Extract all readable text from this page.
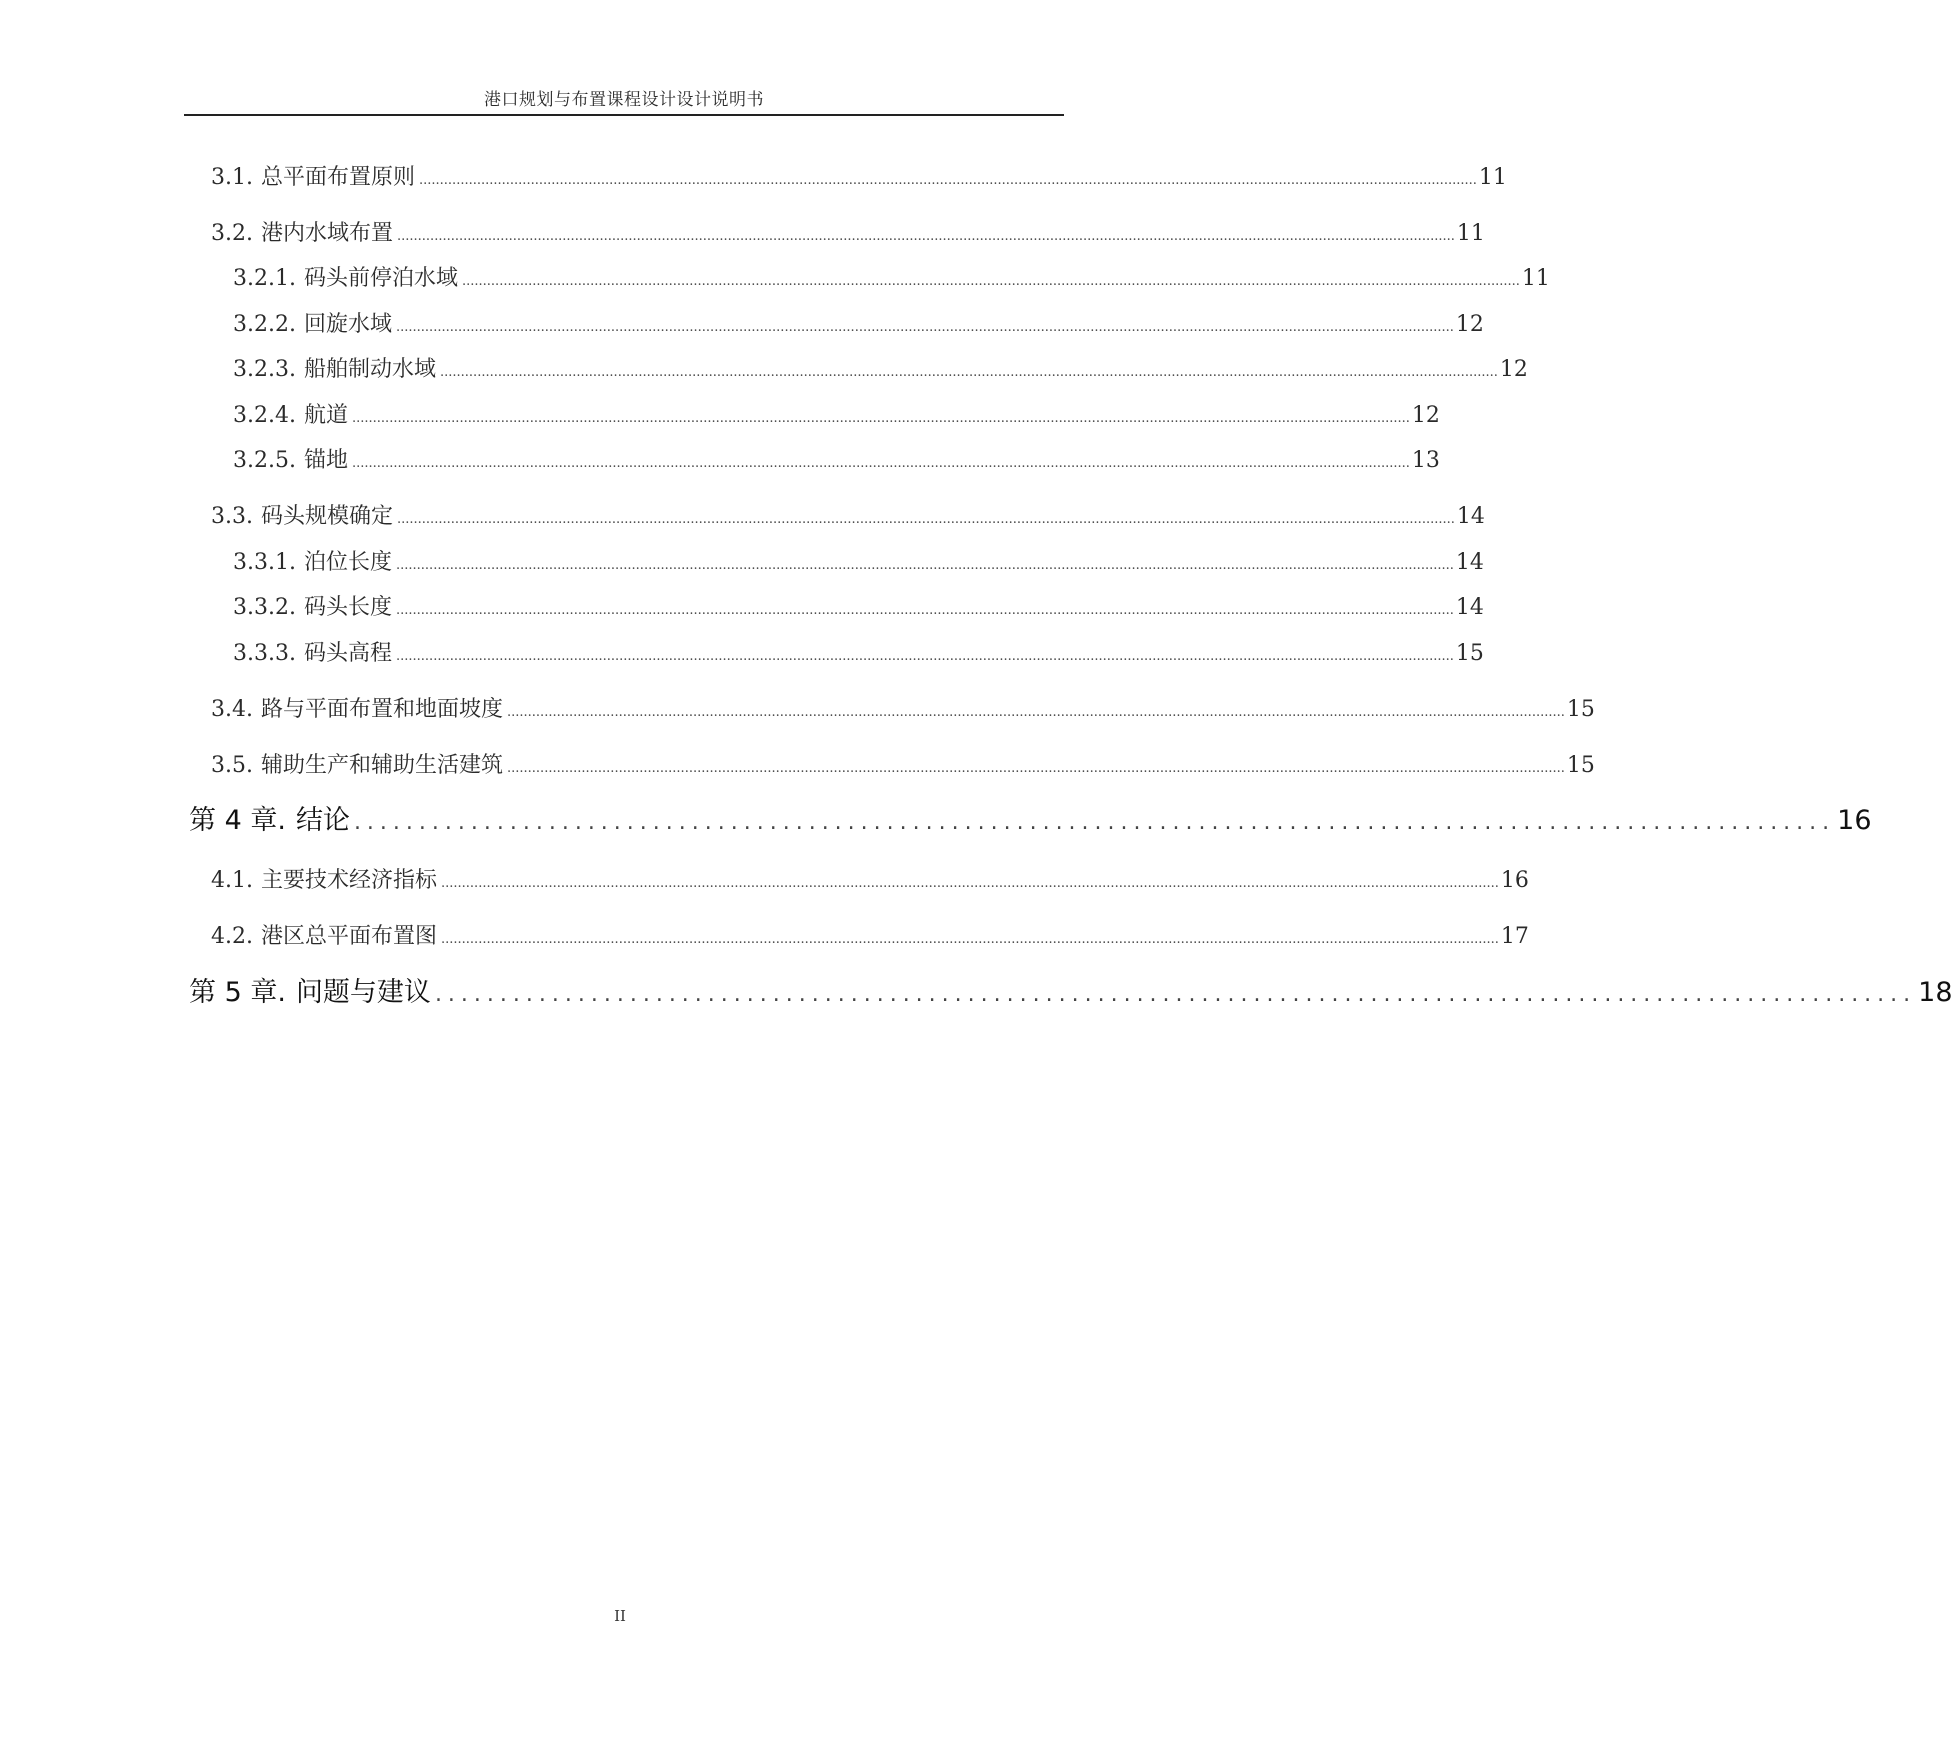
港口规划与布置课程设计设计说明书
3.1. 总平面布置原则 ................................................................................................................................................................................................................................................................ 11
3.2. 港内水域布置 ................................................................................................................................................................................................................................................................ 11
3.2.1. 码头前停泊水域 ................................................................................................................................................................................................................................................................ 11
3.2.2. 回旋水域 ................................................................................................................................................................................................................................................................ 12
3.2.3. 船舶制动水域 ................................................................................................................................................................................................................................................................ 12
3.2.4. 航道 ................................................................................................................................................................................................................................................................ 12
3.2.5. 锚地 ................................................................................................................................................................................................................................................................ 13
3.3. 码头规模确定 ................................................................................................................................................................................................................................................................ 14
3.3.1. 泊位长度 ................................................................................................................................................................................................................................................................ 14
3.3.2. 码头长度 ................................................................................................................................................................................................................................................................ 14
3.3.3. 码头高程 ................................................................................................................................................................................................................................................................ 15
3.4. 路与平面布置和地面坡度 ................................................................................................................................................................................................................................................................ 15
3.5. 辅助生产和辅助生活建筑 ................................................................................................................................................................................................................................................................ 15
第 4 章. 结论 .................................................................................................................. 16
4.1. 主要技术经济指标 ................................................................................................................................................................................................................................................................ 16
4.2. 港区总平面布置图 ................................................................................................................................................................................................................................................................ 17
第 5 章. 问题与建议 .................................................................................................................. 18
II
